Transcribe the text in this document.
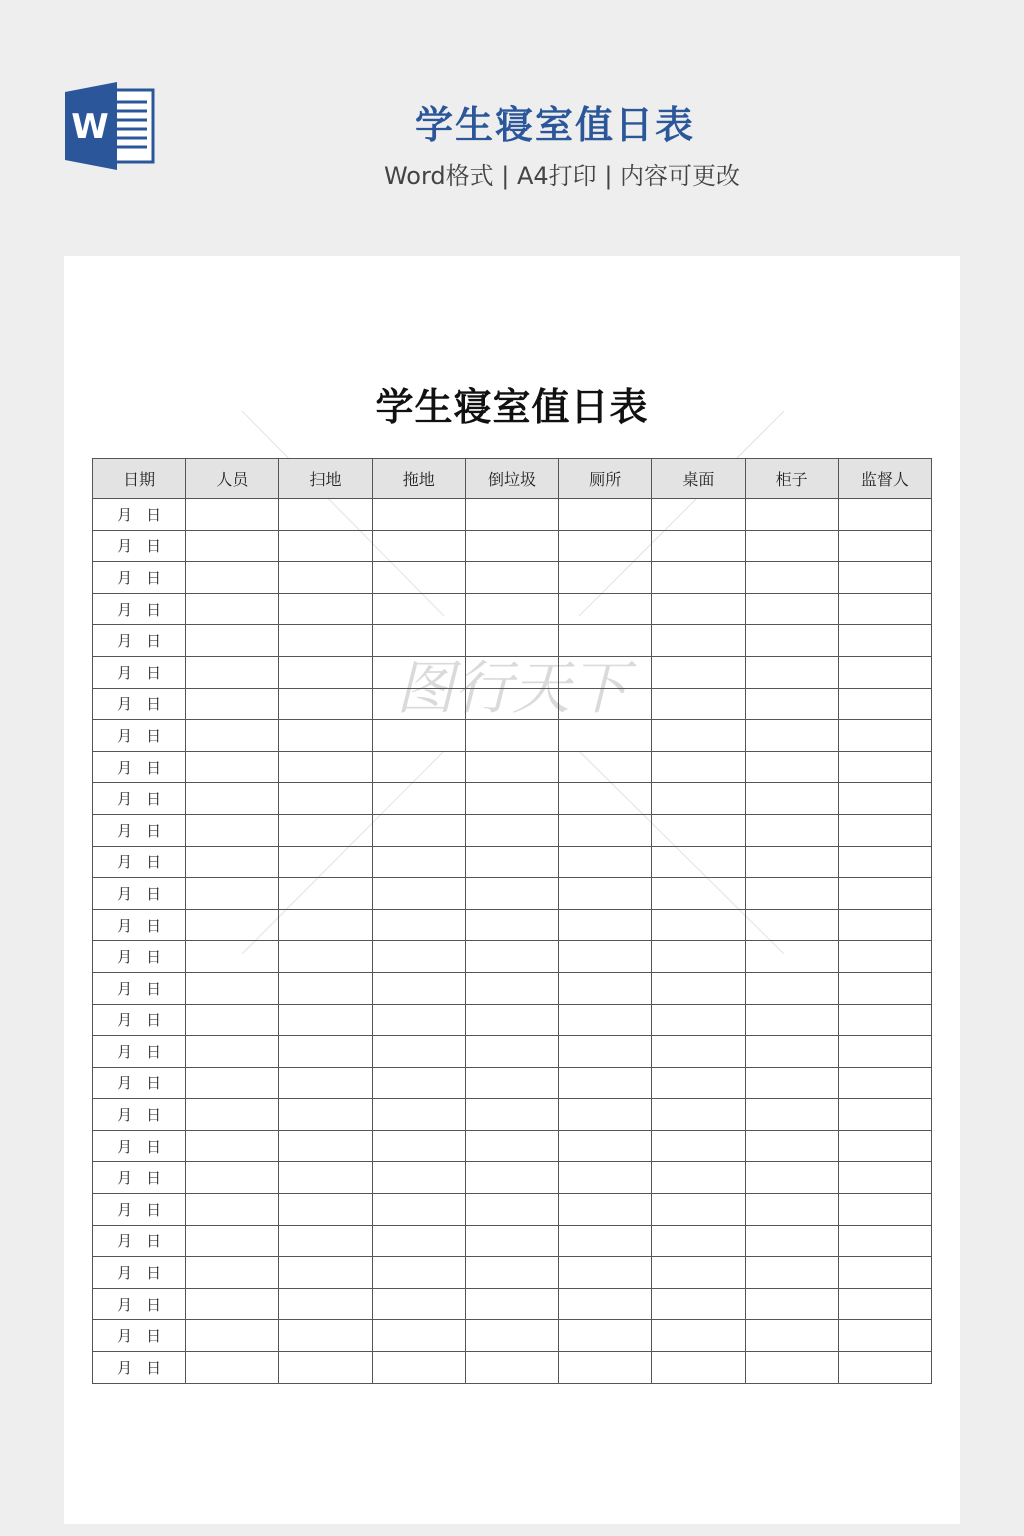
W	学生寝室值日表
Word格式 | A4打印 | 内容可更改
图行天下
学生寝室值日表
日期	人员	扫地	拖地	倒垃圾	厕所	桌面	柜子	监督人
月 日								
月 日								
月 日								
月 日								
月 日								
月 日								
月 日								
月 日								
月 日								
月 日								
月 日								
月 日								
月 日								
月 日								
月 日								
月 日								
月 日								
月 日								
月 日								
月 日								
月 日								
月 日								
月 日								
月 日								
月 日								
月 日								
月 日								
月 日								
